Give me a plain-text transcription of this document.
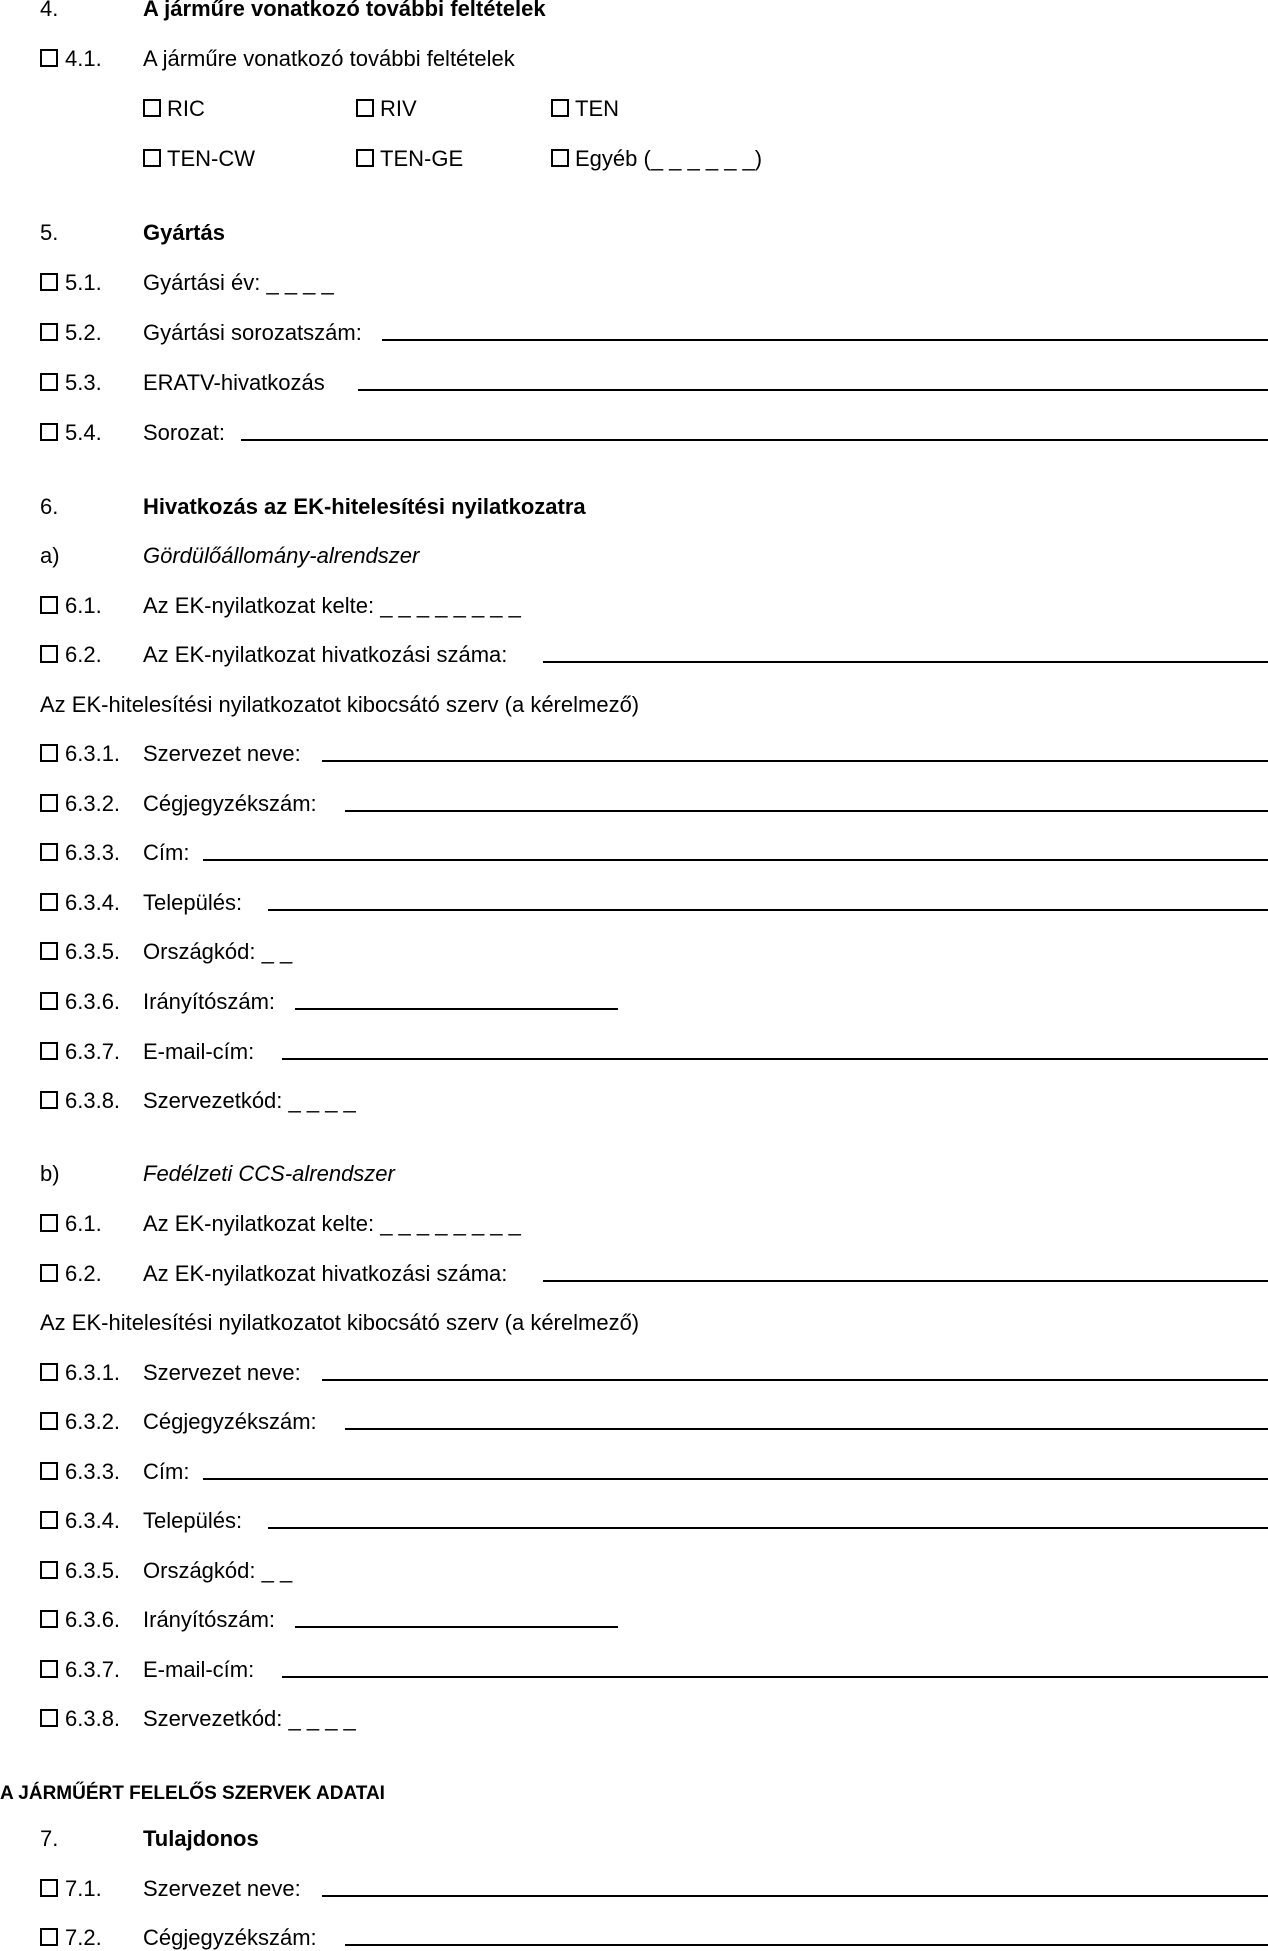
4.	A járműre vonatkozó további feltételek
4.1. A járműre vonatkozó további feltételek
RIC	RIV	TEN
TEN-CW	TEN-GE	Egyéb (_ _ _ _ _ _)
5.	Gyártás
5.1. Gyártási év: _ _ _ _
5.2. Gyártási sorozatszám:
5.3. ERATV-hivatkozás
5.4. Sorozat:
6.	Hivatkozás az EK-hitelesítési nyilatkozatra
a)	Gördülőállomány-alrendszer
6.1. Az EK-nyilatkozat kelte: _ _ _ _ _ _ _ _
6.2. Az EK-nyilatkozat hivatkozási száma:
Az EK-hitelesítési nyilatkozatot kibocsátó szerv (a kérelmező)
6.3.1. Szervezet neve:
6.3.2. Cégjegyzékszám:
6.3.3. Cím:
6.3.4. Település:
6.3.5. Országkód: _ _
6.3.6. Irányítószám:
6.3.7. E-mail-cím:
6.3.8. Szervezetkód: _ _ _ _
b)	Fedélzeti CCS-alrendszer
6.1. Az EK-nyilatkozat kelte: _ _ _ _ _ _ _ _
6.2. Az EK-nyilatkozat hivatkozási száma:
Az EK-hitelesítési nyilatkozatot kibocsátó szerv (a kérelmező)
6.3.1. Szervezet neve:
6.3.2. Cégjegyzékszám:
6.3.3. Cím:
6.3.4. Település:
6.3.5. Országkód: _ _
6.3.6. Irányítószám:
6.3.7. E-mail-cím:
6.3.8. Szervezetkód: _ _ _ _
A JÁRMŰÉRT FELELŐS SZERVEK ADATAI
7.	Tulajdonos
7.1. Szervezet neve:
7.2. Cégjegyzékszám:
